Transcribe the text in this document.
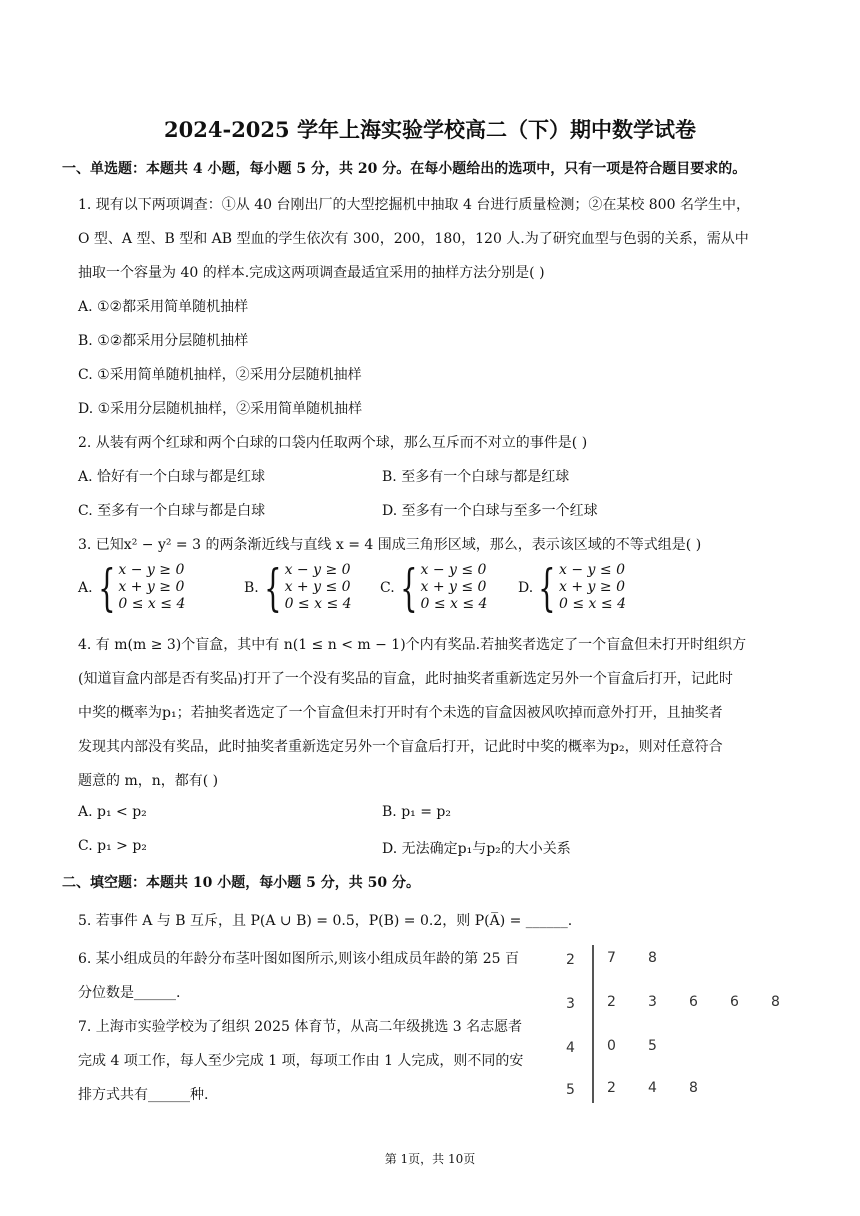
2024-2025 学年上海实验学校高二（下）期中数学试卷
一、单选题：本题共 4 小题，每小题 5 分，共 20 分。在每小题给出的选项中，只有一项是符合题目要求的。
1. 现有以下两项调查：①从 40 台刚出厂的大型挖掘机中抽取 4 台进行质量检测；②在某校 800 名学生中，
O 型、A 型、B 型和 AB 型血的学生依次有 300，200，180，120 人.为了研究血型与色弱的关系，需从中
抽取一个容量为 40 的样本.完成这两项调查最适宜采用的抽样方法分别是( )
A. ①②都采用简单随机抽样
B. ①②都采用分层随机抽样
C. ①采用简单随机抽样，②采用分层随机抽样
D. ①采用分层随机抽样，②采用简单随机抽样
2. 从装有两个红球和两个白球的口袋内任取两个球，那么互斥而不对立的事件是( )
A. 恰好有一个白球与都是红球	B. 至多有一个白球与都是红球
C. 至多有一个白球与都是白球	D. 至多有一个白球与至多一个红球
3. 已知x² − y² = 3 的两条渐近线与直线 x = 4 围成三角形区域，那么，表示该区域的不等式组是( )
A. { x − y ≥ 0
x + y ≥ 0
0 ≤ x ≤ 4
B. { x − y ≥ 0
x + y ≤ 0
0 ≤ x ≤ 4
C. { x − y ≤ 0
x + y ≤ 0
0 ≤ x ≤ 4
D. { x − y ≤ 0
x + y ≥ 0
0 ≤ x ≤ 4
4. 有 m(m ≥ 3)个盲盒，其中有 n(1 ≤ n < m − 1)个内有奖品.若抽奖者选定了一个盲盒但未打开时组织方
(知道盲盒内部是否有奖品)打开了一个没有奖品的盲盒，此时抽奖者重新选定另外一个盲盒后打开，记此时
中奖的概率为p₁；若抽奖者选定了一个盲盒但未打开时有个未选的盲盒因被风吹掉而意外打开，且抽奖者
发现其内部没有奖品，此时抽奖者重新选定另外一个盲盒后打开，记此时中奖的概率为p₂，则对任意符合
题意的 m，n，都有( )
A. p₁ < p₂	B. p₁ = p₂
C. p₁ > p₂	D. 无法确定p₁与p₂的大小关系
二、填空题：本题共 10 小题，每小题 5 分，共 50 分。
5. 若事件 A 与 B 互斥，且 P(A ∪ B) = 0.5，P(B) = 0.2，则 P(A̅) = ______.
6. 某小组成员的年龄分布茎叶图如图所示,则该小组成员年龄的第 25 百
分位数是______.
7. 上海市实验学校为了组织 2025 体育节，从高二年级挑选 3 名志愿者
完成 4 项工作，每人至少完成 1 项，每项工作由 1 人完成，则不同的安
排方式共有______种.
2 7 8
3 2 3 6 6 8
4 0 5
5 2 4 8
第 1页，共 10页
